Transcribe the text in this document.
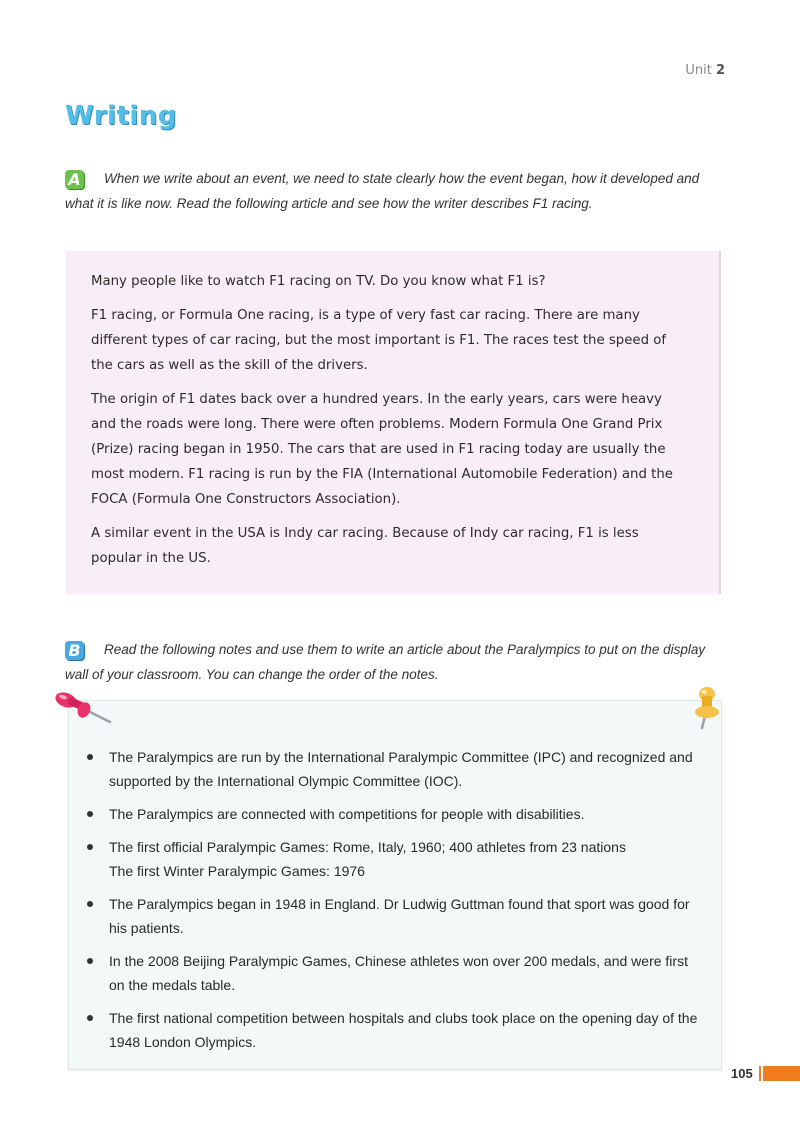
Unit 2
Writing
A When we write about an event, we need to state clearly how the event began, how it developed and what it is like now. Read the following article and see how the writer describes F1 racing.

Many people like to watch F1 racing on TV. Do you know what F1 is?

F1 racing, or Formula One racing, is a type of very fast car racing. There are many different types of car racing, but the most important is F1. The races test the speed of the cars as well as the skill of the drivers.

The origin of F1 dates back over a hundred years. In the early years, cars were heavy and the roads were long. There were often problems. Modern Formula One Grand Prix (Prize) racing began in 1950. The cars that are used in F1 racing today are usually the most modern. F1 racing is run by the FIA (International Automobile Federation) and the FOCA (Formula One Constructors Association).

A similar event in the USA is Indy car racing. Because of Indy car racing, F1 is less popular in the US.

B Read the following notes and use them to write an article about the Paralympics to put on the display wall of your classroom. You can change the order of the notes.
The Paralympics are run by the International Paralympic Committee (IPC) and recognized and supported by the International Olympic Committee (IOC).
The Paralympics are connected with competitions for people with disabilities.
The first official Paralympic Games: Rome, Italy, 1960; 400 athletes from 23 nations
The first Winter Paralympic Games: 1976
The Paralympics began in 1948 in England. Dr Ludwig Guttman found that sport was good for his patients.
In the 2008 Beijing Paralympic Games, Chinese athletes won over 200 medals, and were first on the medals table.
The first national competition between hospitals and clubs took place on the opening day of the 1948 London Olympics.
105
